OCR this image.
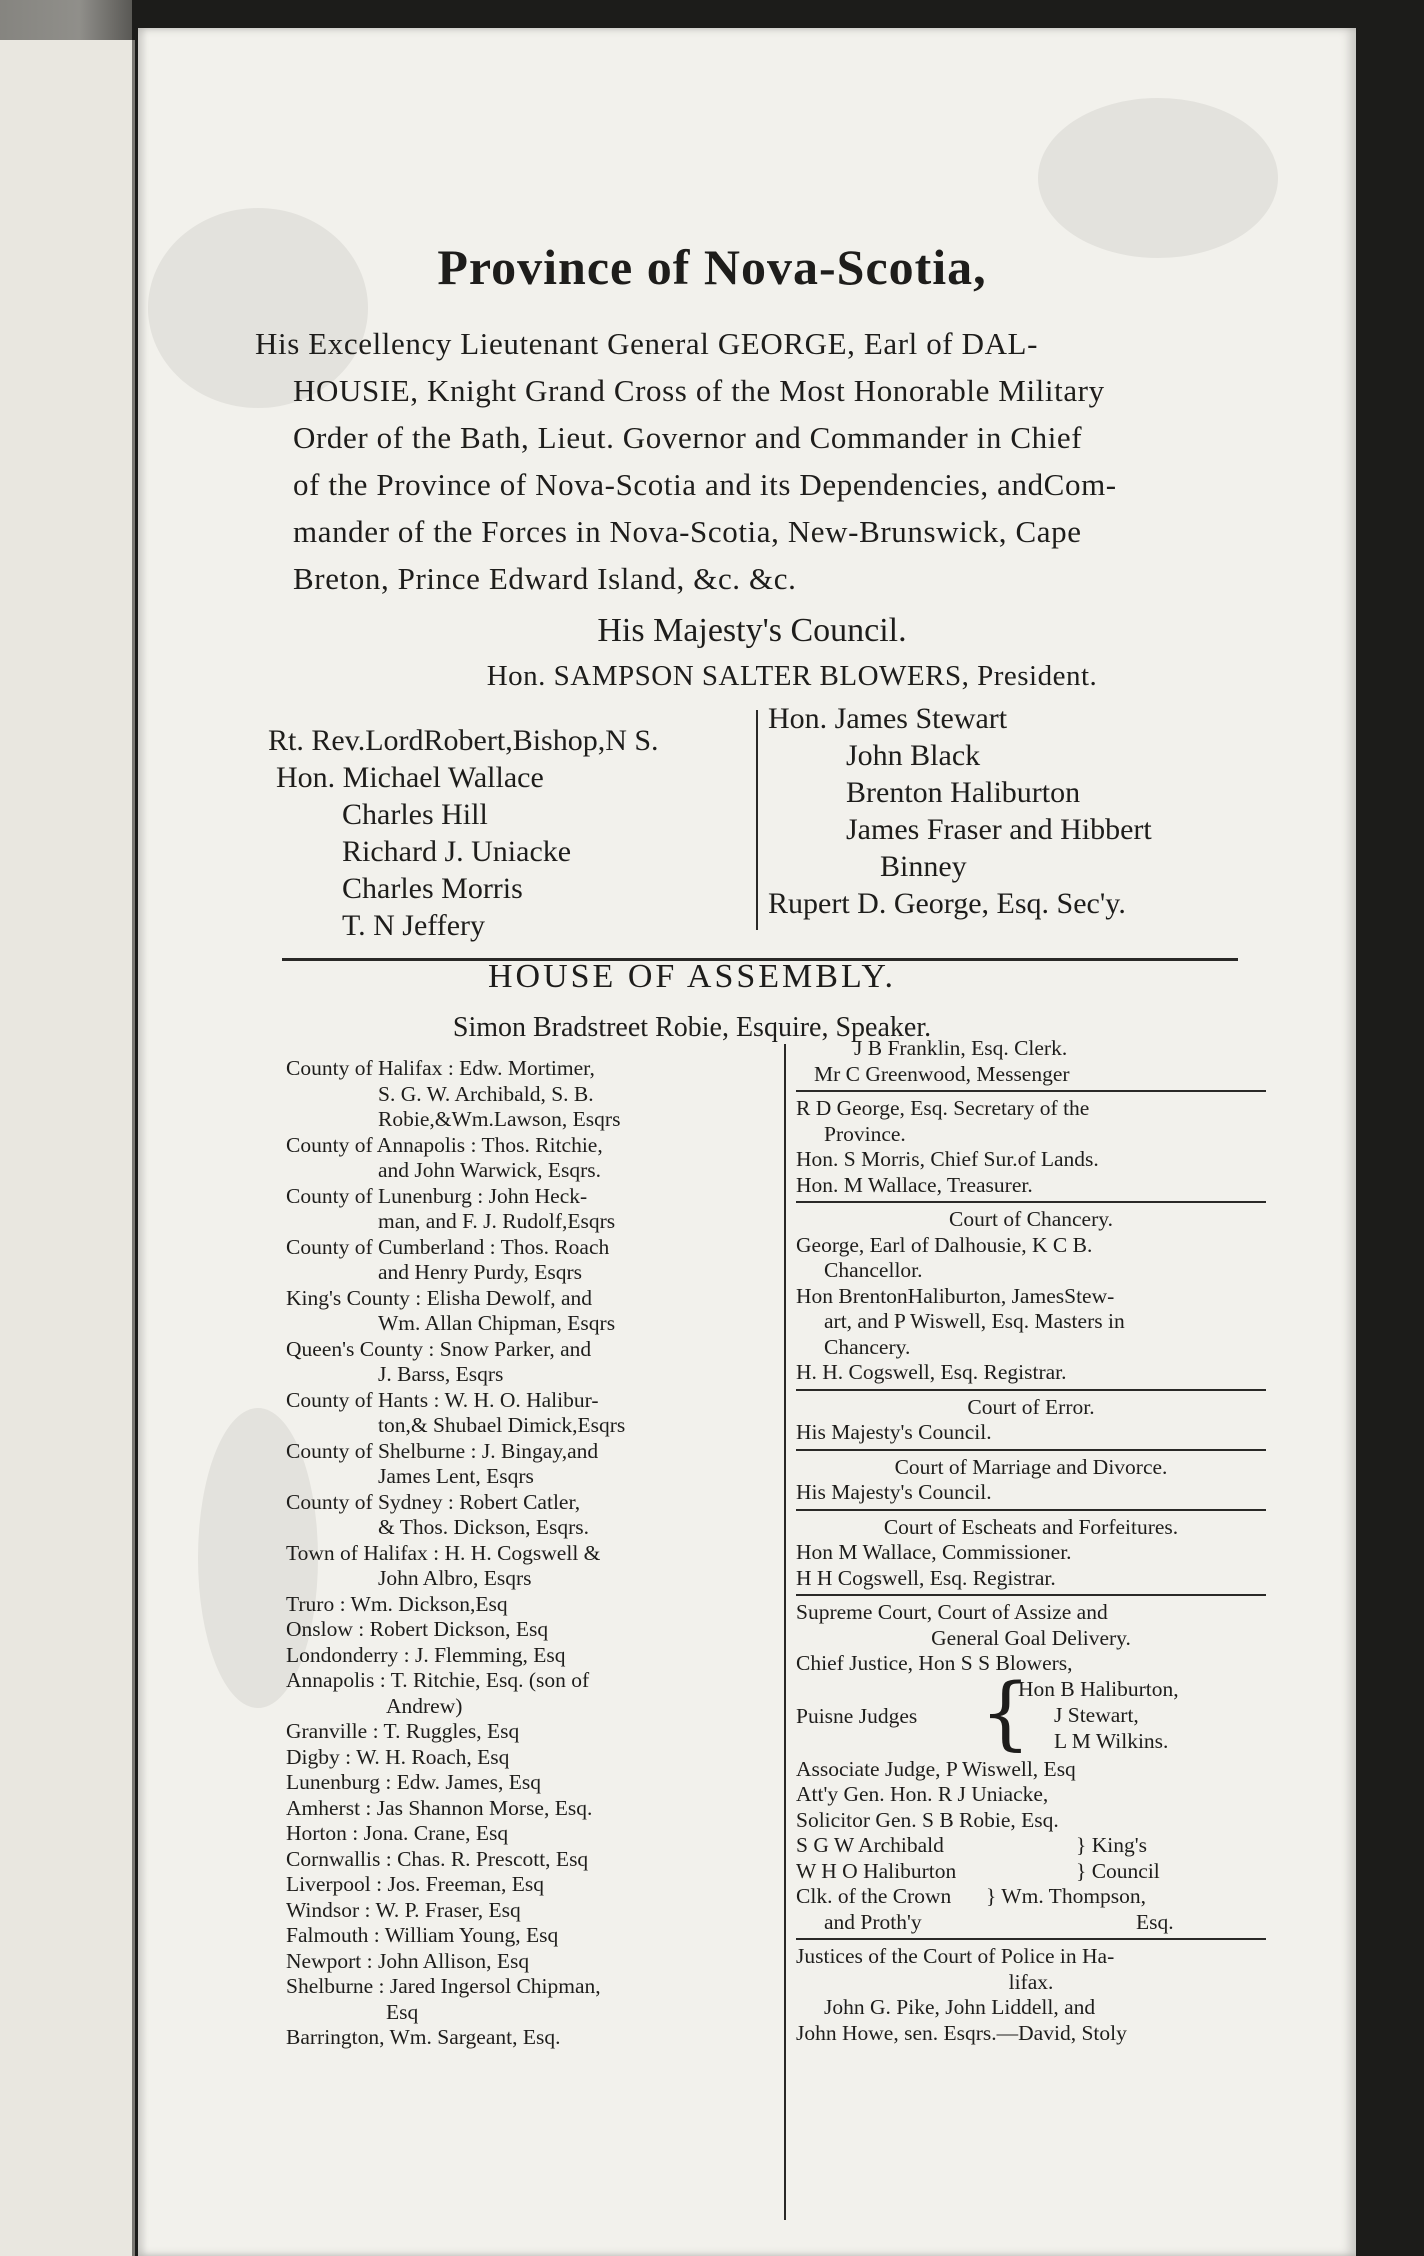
Province of Nova-Scotia,
His Excellency Lieutenant General GEORGE, Earl of DAL-
HOUSIE, Knight Grand Cross of the Most Honorable Military
Order of the Bath, Lieut. Governor and Commander in Chief
of the Province of Nova-Scotia and its Dependencies, andCom-
mander of the Forces in Nova-Scotia, New-Brunswick, Cape
Breton, Prince Edward Island, &c. &c.
His Majesty's Council.
Hon. SAMPSON SALTER BLOWERS, President.
Rt. Rev.LordRobert,Bishop,N S.
Hon. Michael Wallace
Charles Hill
Richard J. Uniacke
Charles Morris
T. N Jeffery
Hon. James Stewart
John Black
Brenton Haliburton
James Fraser and Hibbert
Binney
Rupert D. George, Esq. Sec'y.
HOUSE OF ASSEMBLY.
Simon Bradstreet Robie, Esquire, Speaker.
County of Halifax : Edw. Mortimer,
S. G. W. Archibald, S. B.
Robie,&Wm.Lawson, Esqrs
County of Annapolis : Thos. Ritchie,
and John Warwick, Esqrs.
County of Lunenburg : John Heck-
man, and F. J. Rudolf,Esqrs
County of Cumberland : Thos. Roach
and Henry Purdy, Esqrs
King's County : Elisha Dewolf, and
Wm. Allan Chipman, Esqrs
Queen's County : Snow Parker, and
J. Barss, Esqrs
County of Hants : W. H. O. Halibur-
ton,& Shubael Dimick,Esqrs
County of Shelburne : J. Bingay,and
James Lent, Esqrs
County of Sydney : Robert Catler,
& Thos. Dickson, Esqrs.
Town of Halifax : H. H. Cogswell &
John Albro, Esqrs
Truro : Wm. Dickson,Esq
Onslow : Robert Dickson, Esq
Londonderry : J. Flemming, Esq
Annapolis : T. Ritchie, Esq. (son of
Andrew)
Granville : T. Ruggles, Esq
Digby : W. H. Roach, Esq
Lunenburg : Edw. James, Esq
Amherst : Jas Shannon Morse, Esq.
Horton : Jona. Crane, Esq
Cornwallis : Chas. R. Prescott, Esq
Liverpool : Jos. Freeman, Esq
Windsor : W. P. Fraser, Esq
Falmouth : William Young, Esq
Newport : John Allison, Esq
Shelburne : Jared Ingersol Chipman,
Esq
Barrington, Wm. Sargeant, Esq.
J B Franklin, Esq. Clerk.
Mr C Greenwood, Messenger
R D George, Esq. Secretary of the
Province.
Hon. S Morris, Chief Sur.of Lands.
Hon. M Wallace, Treasurer.
Court of Chancery.
George, Earl of Dalhousie, K C B.
Chancellor.
Hon BrentonHaliburton, JamesStew-
art, and P Wiswell, Esq. Masters in
Chancery.
H. H. Cogswell, Esq. Registrar.
Court of Error.
His Majesty's Council.
Court of Marriage and Divorce.
His Majesty's Council.
Court of Escheats and Forfeitures.
Hon M Wallace, Commissioner.
H H Cogswell, Esq. Registrar.
Supreme Court, Court of Assize and
General Goal Delivery.
Chief Justice, Hon S S Blowers,
Puisne Judges {
Hon B Haliburton,
J Stewart,
L M Wilkins.
Associate Judge, P Wiswell, Esq
Att'y Gen. Hon. R J Uniacke,
Solicitor Gen. S B Robie, Esq.
S G W Archibald	} King's
W H O Haliburton	} Council
Clk. of the Crown } Wm. Thompson,
and Proth'y	Esq.
Justices of the Court of Police in Ha-
lifax.
John G. Pike, John Liddell, and
John Howe, sen. Esqrs.—David, Stoly
